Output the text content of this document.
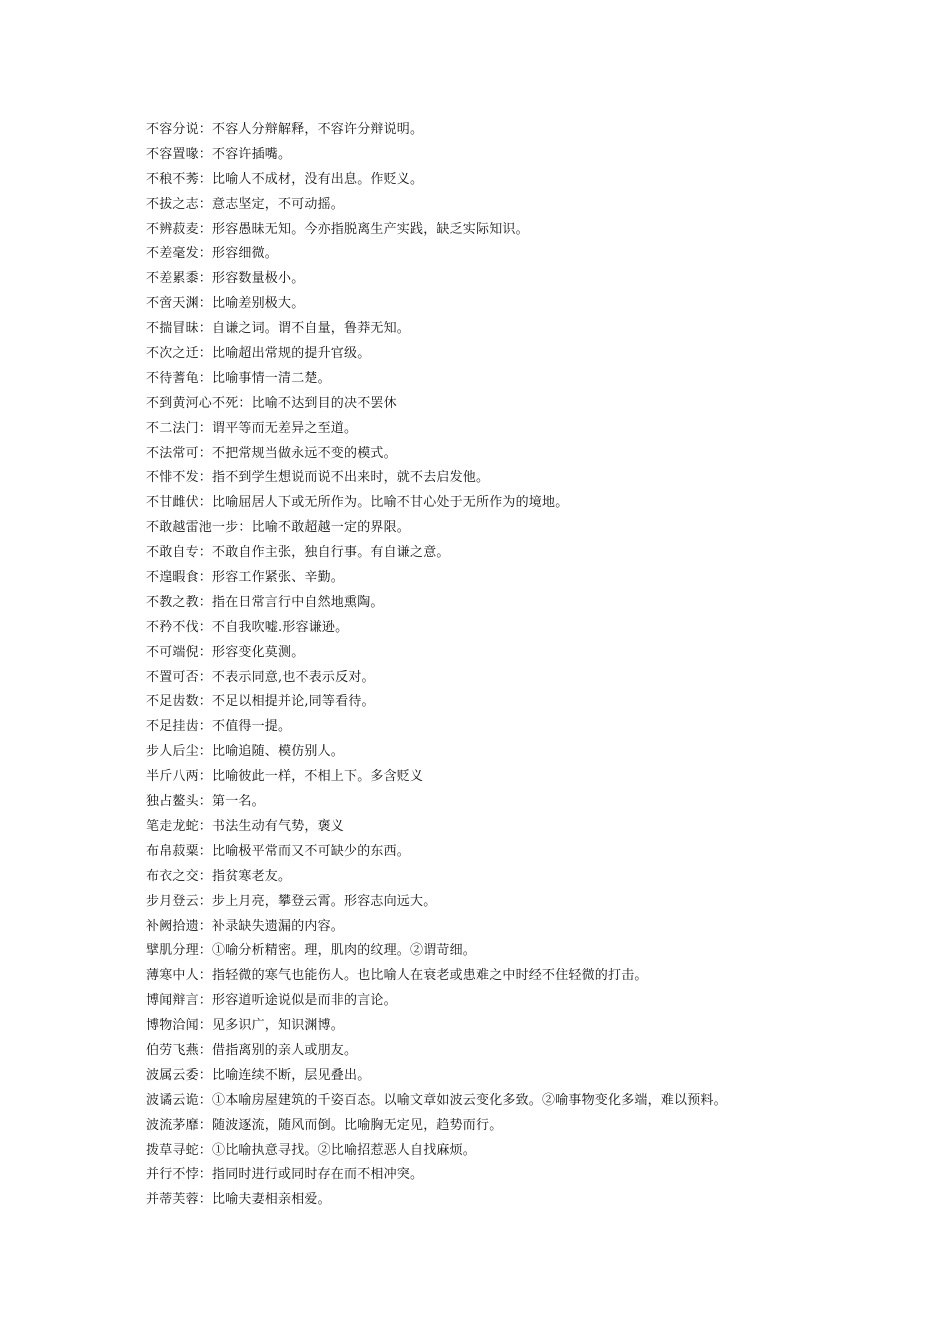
不容分说：不容人分辩解释，不容许分辩说明。
不容置喙：不容许插嘴。
不稂不莠：比喻人不成材，没有出息。作贬义。
不拔之志：意志坚定，不可动摇。
不辨菽麦：形容愚昧无知。今亦指脱离生产实践，缺乏实际知识。
不差毫发：形容细微。
不差累黍：形容数量极小。
不啻天渊：比喻差别极大。
不揣冒昧：自谦之词。谓不自量，鲁莽无知。
不次之迁：比喻超出常规的提升官级。
不待蓍龟：比喻事情一清二楚。
不到黄河心不死：比喻不达到目的决不罢休
不二法门：谓平等而无差异之至道。
不法常可：不把常规当做永远不变的模式。
不悱不发：指不到学生想说而说不出来时，就不去启发他。
不甘雌伏：比喻屈居人下或无所作为。比喻不甘心处于无所作为的境地。
不敢越雷池一步：比喻不敢超越一定的界限。
不敢自专：不敢自作主张，独自行事。有自谦之意。
不遑暇食：形容工作紧张、辛勤。
不教之教：指在日常言行中自然地熏陶。
不矜不伐：不自我吹嘘.形容谦逊。
不可端倪：形容变化莫测。
不置可否：不表示同意,也不表示反对。
不足齿数：不足以相提并论,同等看待。
不足挂齿：不值得一提。
步人后尘：比喻追随、模仿别人。
半斤八两：比喻彼此一样，不相上下。多含贬义
独占鳌头：第一名。
笔走龙蛇：书法生动有气势，褒义
布帛菽粟：比喻极平常而又不可缺少的东西。
布衣之交：指贫寒老友。
步月登云：步上月亮，攀登云霄。形容志向远大。
补阙拾遗：补录缺失遗漏的内容。
擘肌分理：①喻分析精密。理，肌肉的纹理。②谓苛细。
薄寒中人：指轻微的寒气也能伤人。也比喻人在衰老或患难之中时经不住轻微的打击。
博闻辩言：形容道听途说似是而非的言论。
博物洽闻：见多识广，知识渊博。
伯劳飞燕：借指离别的亲人或朋友。
波属云委：比喻连续不断，层见叠出。
波谲云诡：①本喻房屋建筑的千姿百态。以喻文章如波云变化多致。②喻事物变化多端，难以预料。
波流茅靡：随波逐流，随风而倒。比喻胸无定见，趋势而行。
拨草寻蛇：①比喻执意寻找。②比喻招惹恶人自找麻烦。
并行不悖：指同时进行或同时存在而不相冲突。
并蒂芙蓉：比喻夫妻相亲相爱。
